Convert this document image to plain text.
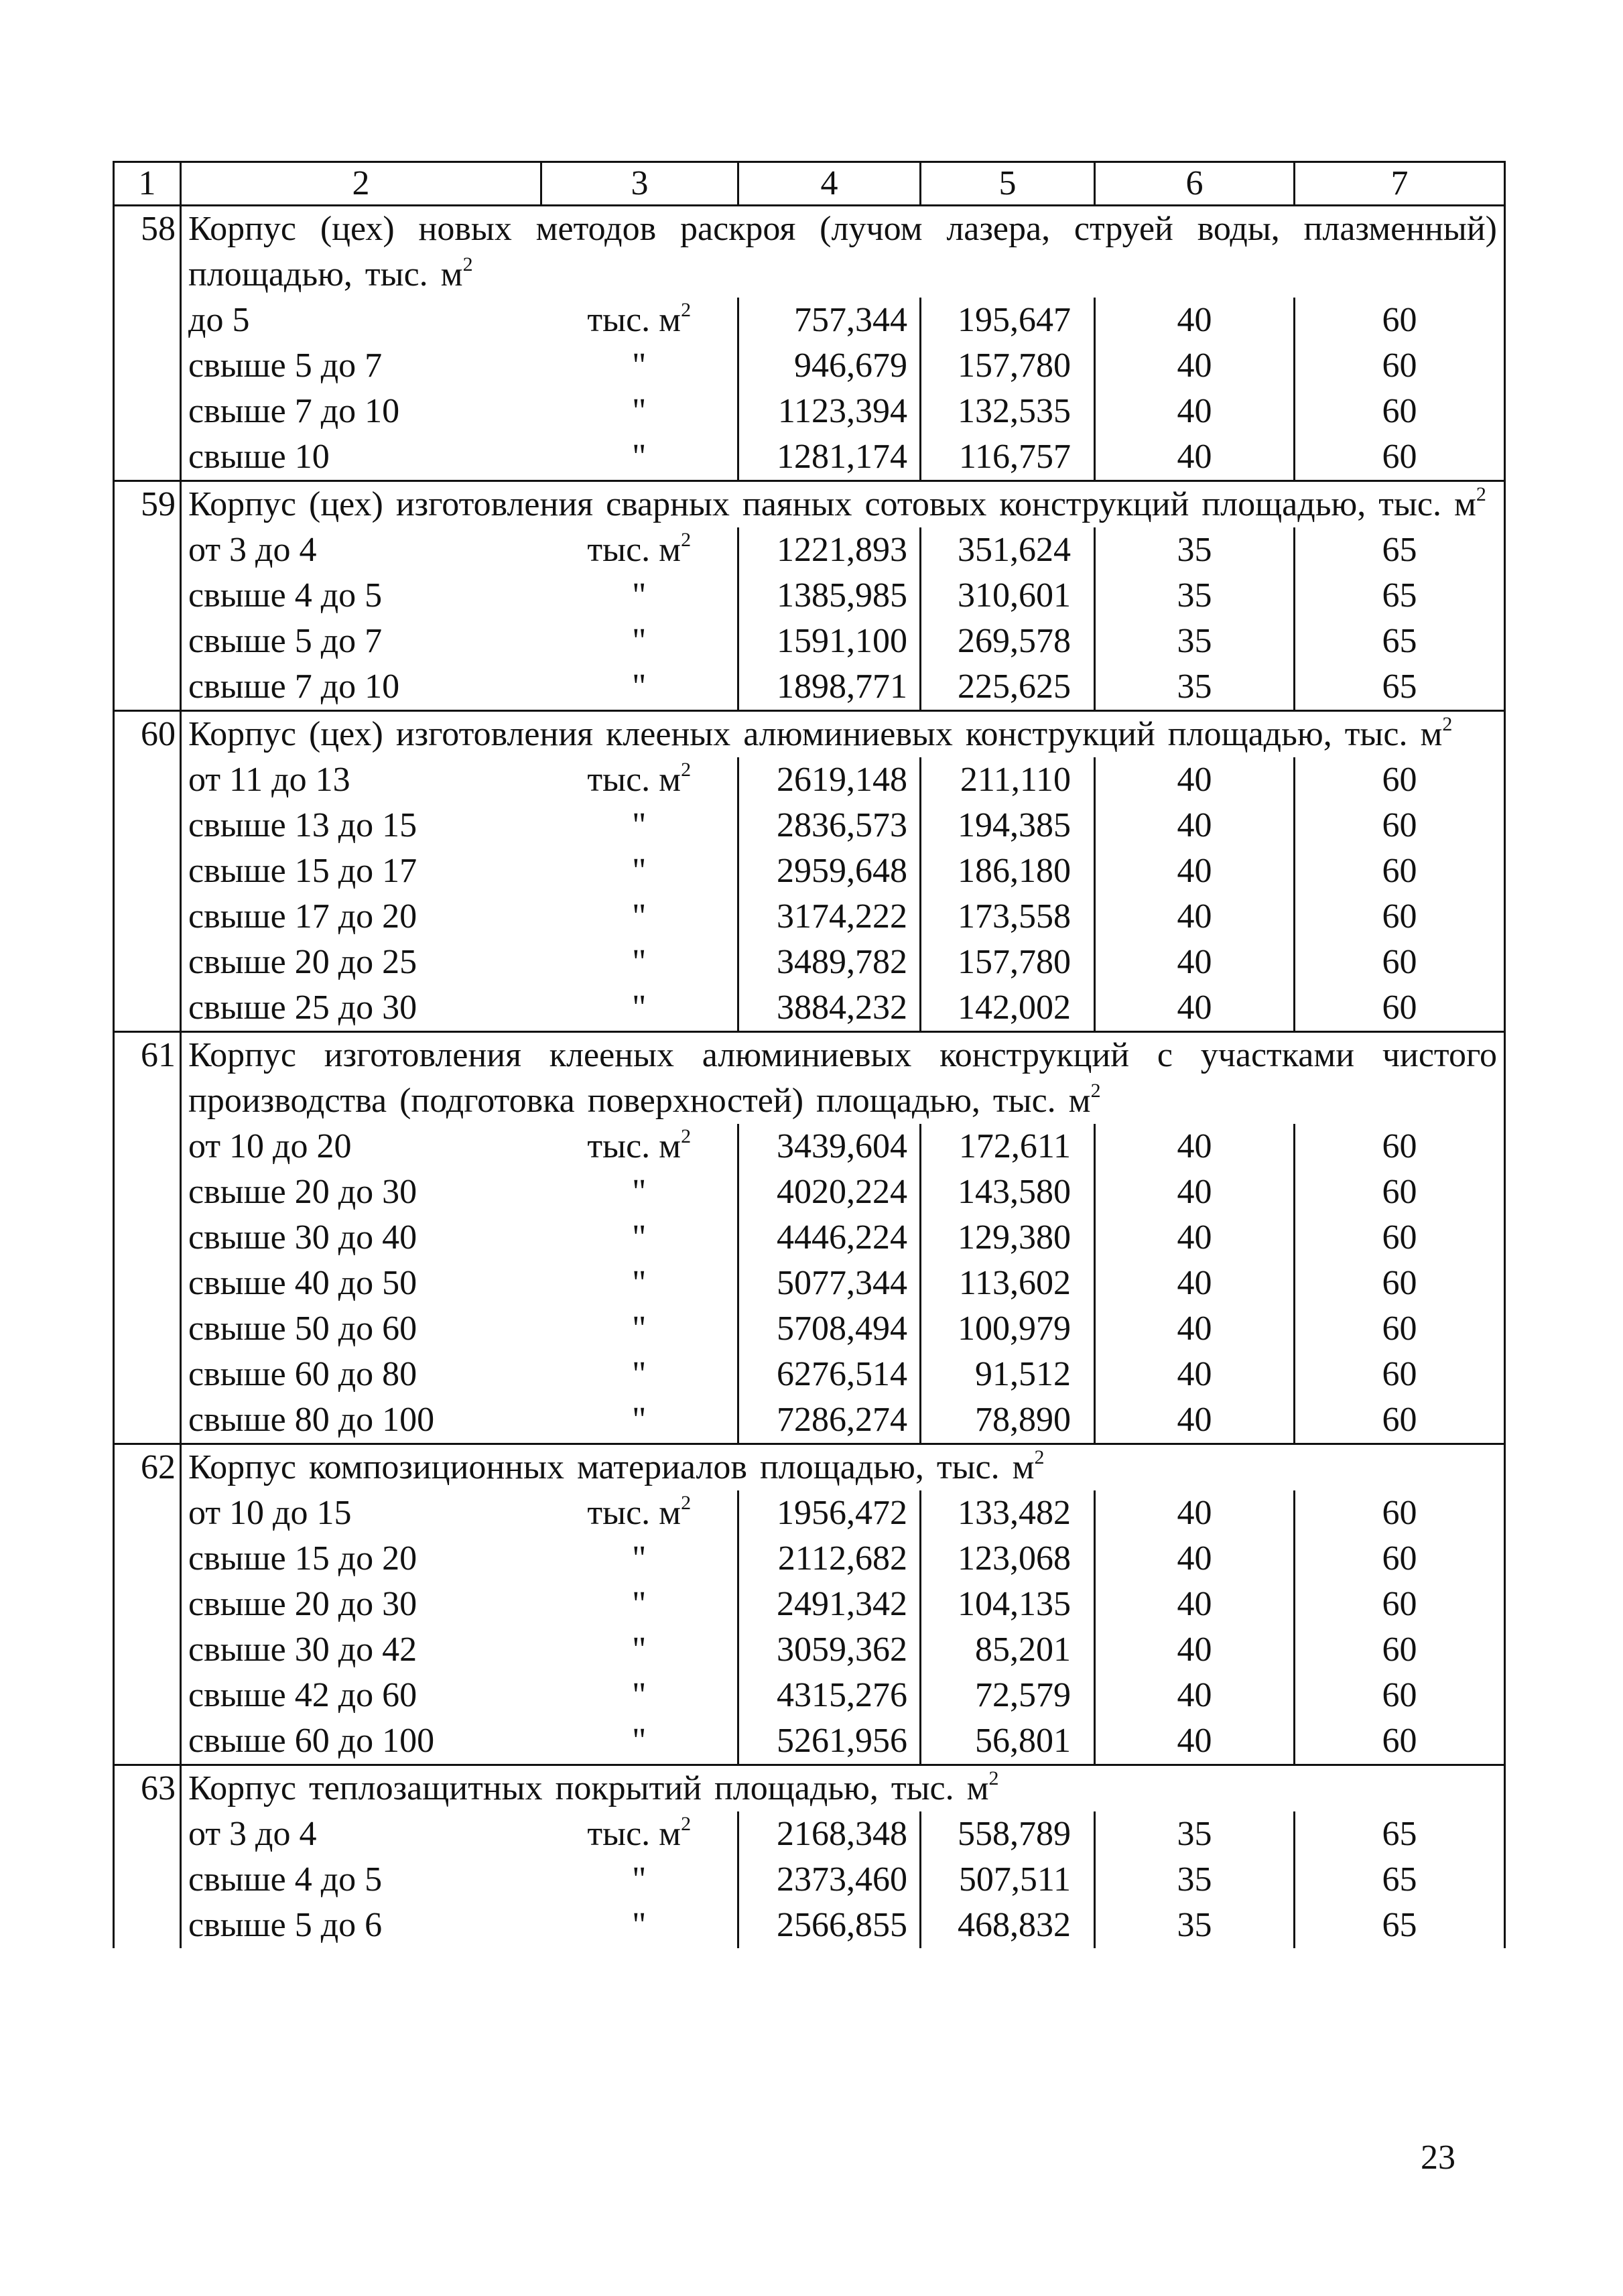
1	2	3	4	5	6	7
58	Корпус (цех) новых методов раскроя (лучом лазера, струей воды, плазменный) площадью, тыс. $м^2$
	до 5	тыс. $м^2$	757,344	195,647	40	60
	свыше 5 до 7	"	946,679	157,780	40	60
	свыше 7 до 10	"	1123,394	132,535	40	60
	свыше 10	"	1281,174	116,757	40	60
59	Корпус (цех) изготовления сварных паяных сотовых конструкций площадью, тыс. $м^2$
	от 3 до 4	тыс. $м^2$	1221,893	351,624	35	65
	свыше 4 до 5	"	1385,985	310,601	35	65
	свыше 5 до 7	"	1591,100	269,578	35	65
	свыше 7 до 10	"	1898,771	225,625	35	65
60	Корпус (цех) изготовления клееных алюминиевых конструкций площадью, тыс. $м^2$
	от 11 до 13	тыс. $м^2$	2619,148	211,110	40	60
	свыше 13 до 15	"	2836,573	194,385	40	60
	свыше 15 до 17	"	2959,648	186,180	40	60
	свыше 17 до 20	"	3174,222	173,558	40	60
	свыше 20 до 25	"	3489,782	157,780	40	60
	свыше 25 до 30	"	3884,232	142,002	40	60
61	Корпус изготовления клееных алюминиевых конструкций с участками чистого производства (подготовка поверхностей) площадью, тыс. $м^2$
	от 10 до 20	тыс. $м^2$	3439,604	172,611	40	60
	свыше 20 до 30	"	4020,224	143,580	40	60
	свыше 30 до 40	"	4446,224	129,380	40	60
	свыше 40 до 50	"	5077,344	113,602	40	60
	свыше 50 до 60	"	5708,494	100,979	40	60
	свыше 60 до 80	"	6276,514	91,512	40	60
	свыше 80 до 100	"	7286,274	78,890	40	60
62	Корпус композиционных материалов площадью, тыс. $м^2$
	от 10 до 15	тыс. $м^2$	1956,472	133,482	40	60
	свыше 15 до 20	"	2112,682	123,068	40	60
	свыше 20 до 30	"	2491,342	104,135	40	60
	свыше 30 до 42	"	3059,362	85,201	40	60
	свыше 42 до 60	"	4315,276	72,579	40	60
	свыше 60 до 100	"	5261,956	56,801	40	60
63	Корпус теплозащитных покрытий площадью, тыс. $м^2$
	от 3 до 4	тыс. $м^2$	2168,348	558,789	35	65
	свыше 4 до 5	"	2373,460	507,511	35	65
	свыше 5 до 6	"	2566,855	468,832	35	65
23
